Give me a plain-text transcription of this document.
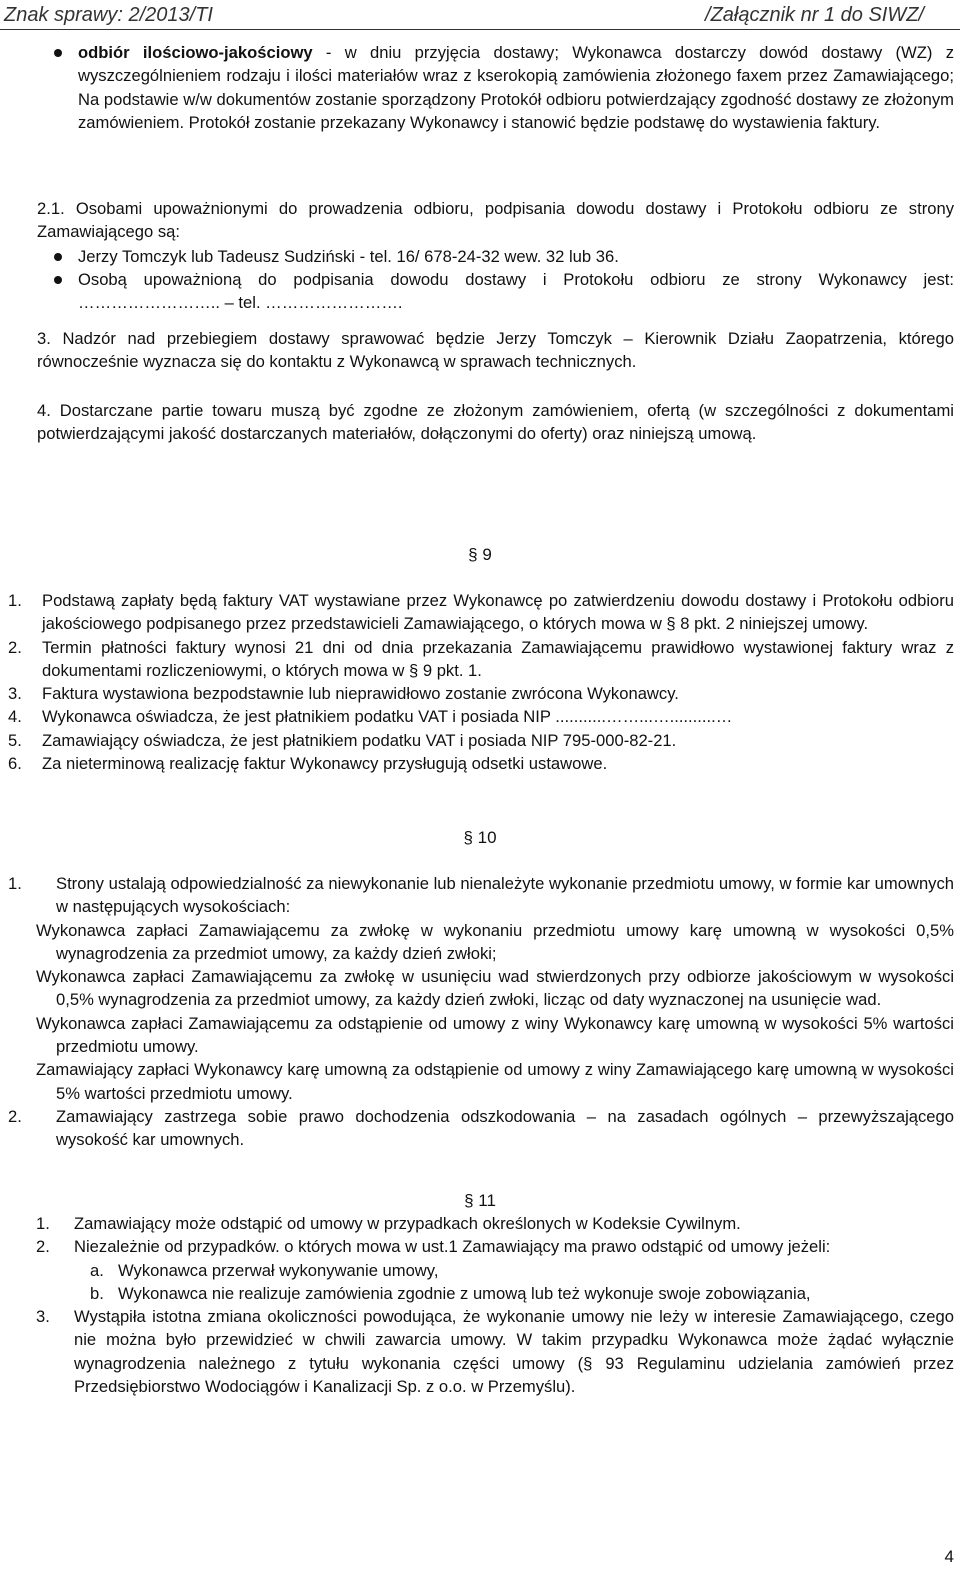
Znak sprawy: 2/2013/TI	/Załącznik nr 1 do SIWZ/
odbiór ilościowo-jakościowy - w dniu przyjęcia dostawy; Wykonawca dostarczy dowód dostawy (WZ) z wyszczególnieniem rodzaju i ilości materiałów wraz z kserokopią zamówienia złożonego faxem przez Zamawiającego; Na podstawie w/w dokumentów zostanie sporządzony Protokół odbioru potwierdzający zgodność dostawy ze złożonym zamówieniem. Protokół zostanie przekazany Wykonawcy i stanowić będzie podstawę do wystawienia faktury.
2.1. Osobami upoważnionymi do prowadzenia odbioru, podpisania dowodu dostawy i Protokołu odbioru ze strony Zamawiającego są:
Jerzy Tomczyk lub Tadeusz Sudziński - tel. 16/ 678-24-32 wew. 32 lub 36.
Osobą upoważnioną do podpisania dowodu dostawy i Protokołu odbioru ze strony Wykonawcy jest: …………………….. – tel. …………………….
3. Nadzór nad przebiegiem dostawy sprawować będzie Jerzy Tomczyk – Kierownik Działu Zaopatrzenia, którego równocześnie wyznacza się do kontaktu z Wykonawcą w sprawach technicznych.
4. Dostarczane partie towaru muszą być zgodne ze złożonym zamówieniem, ofertą (w szczególności z dokumentami potwierdzającymi jakość dostarczanych materiałów, dołączonymi do oferty) oraz niniejszą umową.
§ 9
1. Podstawą zapłaty będą faktury VAT wystawiane przez Wykonawcę po zatwierdzeniu dowodu dostawy i Protokołu odbioru jakościowego podpisanego przez przedstawicieli Zamawiającego, o których mowa w § 8 pkt. 2 niniejszej umowy.
2. Termin płatności faktury wynosi 21 dni od dnia przekazania Zamawiającemu prawidłowo wystawionej faktury wraz z dokumentami rozliczeniowymi, o których mowa w § 9 pkt. 1.
3. Faktura wystawiona bezpodstawnie lub nieprawidłowo zostanie zwrócona Wykonawcy.
4. Wykonawca oświadcza, że jest płatnikiem podatku VAT i posiada NIP ...........……...…..........…
5. Zamawiający oświadcza, że jest płatnikiem podatku VAT i posiada NIP 795-000-82-21.
6. Za nieterminową realizację faktur Wykonawcy przysługują odsetki ustawowe.
§ 10
1. Strony ustalają odpowiedzialność za niewykonanie lub nienależyte wykonanie przedmiotu umowy, w formie kar umownych w następujących wysokościach:
Wykonawca zapłaci Zamawiającemu za zwłokę w wykonaniu przedmiotu umowy karę umowną w wysokości 0,5% wynagrodzenia za przedmiot umowy, za każdy dzień zwłoki;
Wykonawca zapłaci Zamawiającemu za zwłokę w usunięciu wad stwierdzonych przy odbiorze jakościowym w wysokości 0,5% wynagrodzenia za przedmiot umowy, za każdy dzień zwłoki, licząc od daty wyznaczonej na usunięcie wad.
Wykonawca zapłaci Zamawiającemu za odstąpienie od umowy z winy Wykonawcy karę umowną w wysokości 5% wartości przedmiotu umowy.
Zamawiający zapłaci Wykonawcy karę umowną za odstąpienie od umowy z winy Zamawiającego karę umowną w wysokości 5% wartości przedmiotu umowy.
2. Zamawiający zastrzega sobie prawo dochodzenia odszkodowania – na zasadach ogólnych – przewyższającego wysokość kar umownych.
§ 11
1. Zamawiający może odstąpić od umowy w przypadkach określonych w Kodeksie Cywilnym.
2. Niezależnie od przypadków. o których mowa w ust.1 Zamawiający ma prawo odstąpić od umowy jeżeli:
a. Wykonawca przerwał wykonywanie umowy,
b. Wykonawca nie realizuje zamówienia zgodnie z umową lub też wykonuje swoje zobowiązania,
3. Wystąpiła istotna zmiana okoliczności powodująca, że wykonanie umowy nie leży w interesie Zamawiającego, czego nie można było przewidzieć w chwili zawarcia umowy. W takim przypadku Wykonawca może żądać wyłącznie wynagrodzenia należnego z tytułu wykonania części umowy (§ 93 Regulaminu udzielania zamówień przez Przedsiębiorstwo Wodociągów i Kanalizacji Sp. z o.o. w Przemyślu).
4
